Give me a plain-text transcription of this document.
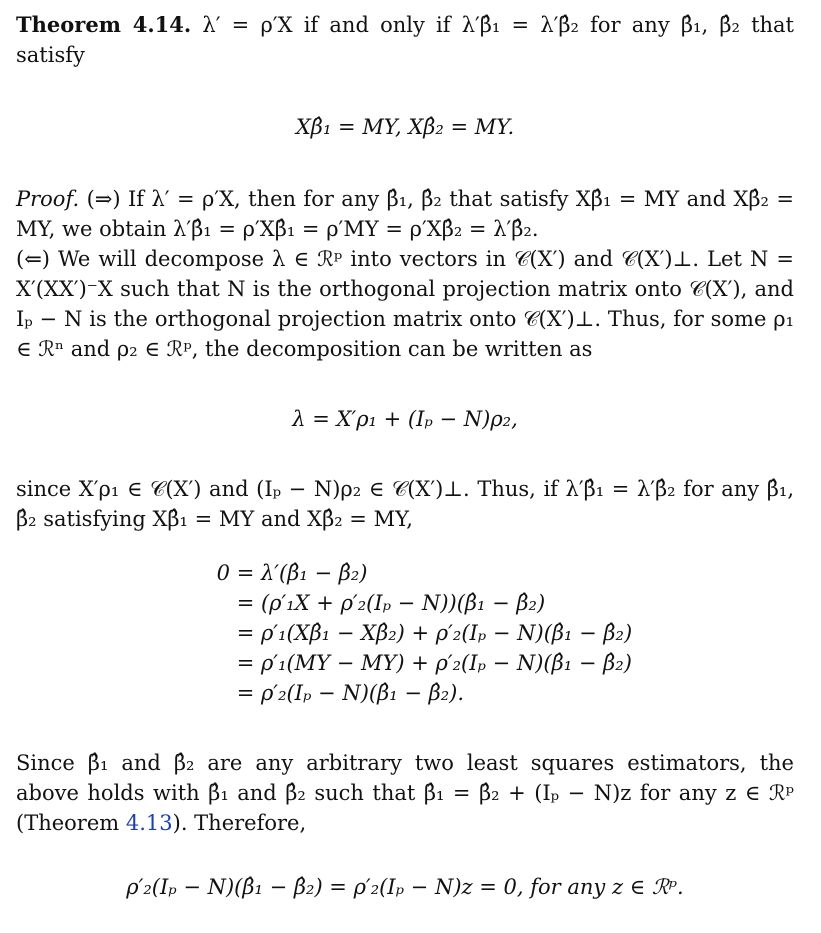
Theorem 4.14. λ′ = ρ′X if and only if λ′β̂₁ = λ′β̂₂ for any β̂₁, β̂₂ that satisfy

Xβ̂₁ = MY, Xβ̂₂ = MY.

Proof. (⇒) If λ′ = ρ′X, then for any β̂₁, β̂₂ that satisfy Xβ̂₁ = MY and Xβ̂₂ = MY, we obtain λ′β̂₁ = ρ′Xβ̂₁ = ρ′MY = ρ′Xβ̂₂ = λ′β̂₂.

(⇐) We will decompose λ ∈ ℛᵖ into vectors in 𝒞(X′) and 𝒞(X′)⊥. Let N = X′(XX′)⁻X such that N is the orthogonal projection matrix onto 𝒞(X′), and Iₚ − N is the orthogonal projection matrix onto 𝒞(X′)⊥. Thus, for some ρ₁ ∈ ℛⁿ and ρ₂ ∈ ℛᵖ, the decomposition can be written as

λ = X′ρ₁ + (Iₚ − N)ρ₂,

since X′ρ₁ ∈ 𝒞(X′) and (Iₚ − N)ρ₂ ∈ 𝒞(X′)⊥. Thus, if λ′β̂₁ = λ′β̂₂ for any β̂₁, β̂₂ satisfying Xβ̂₁ = MY and Xβ̂₂ = MY,

0 = λ′(β̂₁ − β̂₂)
= (ρ′₁X + ρ′₂(Iₚ − N))(β̂₁ − β̂₂)
= ρ′₁(Xβ̂₁ − Xβ̂₂) + ρ′₂(Iₚ − N)(β̂₁ − β̂₂)
= ρ′₁(MY − MY) + ρ′₂(Iₚ − N)(β̂₁ − β̂₂)
= ρ′₂(Iₚ − N)(β̂₁ − β̂₂).

Since β̂₁ and β̂₂ are any arbitrary two least squares estimators, the above holds with β̂₁ and β̂₂ such that β̂₁ = β̂₂ + (Iₚ − N)z for any z ∈ ℛᵖ (Theorem 4.13). Therefore,

ρ′₂(Iₚ − N)(β̂₁ − β̂₂) = ρ′₂(Iₚ − N)z = 0, for any z ∈ ℛᵖ.
